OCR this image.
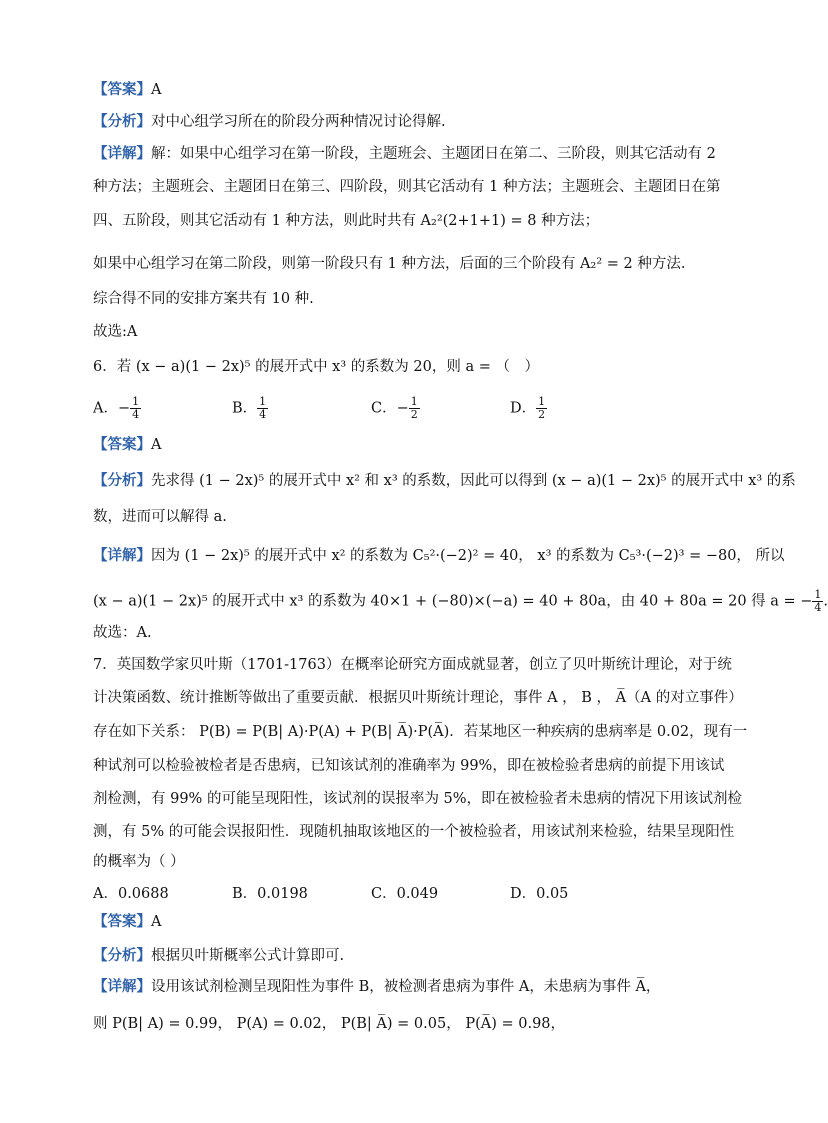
【答案】A
【分析】对中心组学习所在的阶段分两种情况讨论得解.
【详解】解：如果中心组学习在第一阶段，主题班会、主题团日在第二、三阶段，则其它活动有 2
种方法；主题班会、主题团日在第三、四阶段，则其它活动有 1 种方法；主题班会、主题团日在第
四、五阶段，则其它活动有 1 种方法，则此时共有 A₂²(2+1+1) = 8 种方法；
如果中心组学习在第二阶段，则第一阶段只有 1 种方法，后面的三个阶段有 A₂² = 2 种方法.
综合得不同的安排方案共有 10 种.
故选:A
6．若 (x − a)(1 − 2x)⁵ 的展开式中 x³ 的系数为 20，则 a = （　）
A．− $\frac{1}{4}$	B． $\frac{1}{4}$	C．− $\frac{1}{2}$	D． $\frac{1}{2}$
【答案】A
【分析】先求得 (1 − 2x)⁵ 的展开式中 x² 和 x³ 的系数，因此可以得到 (x − a)(1 − 2x)⁵ 的展开式中 x³ 的系
数，进而可以解得 a.
【详解】因为 (1 − 2x)⁵ 的展开式中 x² 的系数为 C₅²·(−2)² = 40， x³ 的系数为 C₅³·(−2)³ = −80， 所以
(x − a)(1 − 2x)⁵ 的展开式中 x³ 的系数为 40×1 + (−80)×(−a) = 40 + 80a，由 40 + 80a = 20 得 a = − $\frac{1}{4}$ .
故选：A.
7．英国数学家贝叶斯（1701-1763）在概率论研究方面成就显著，创立了贝叶斯统计理论，对于统
计决策函数、统计推断等做出了重要贡献．根据贝叶斯统计理论，事件 A ， B ， A̅（A 的对立事件）
存在如下关系： P(B) = P(B| A)·P(A) + P(B| A̅)·P(A̅)．若某地区一种疾病的患病率是 0.02，现有一
种试剂可以检验被检者是否患病，已知该试剂的准确率为 99%，即在被检验者患病的前提下用该试
剂检测，有 99% 的可能呈现阳性，该试剂的误报率为 5%，即在被检验者未患病的情况下用该试剂检
测，有 5% 的可能会误报阳性．现随机抽取该地区的一个被检验者，用该试剂来检验，结果呈现阳性
的概率为（ ）
A．0.0688	B．0.0198	C．0.049	D．0.05
【答案】A
【分析】根据贝叶斯概率公式计算即可.
【详解】设用该试剂检测呈现阳性为事件 B，被检测者患病为事件 A，未患病为事件 A̅，
则 P(B| A) = 0.99， P(A) = 0.02， P(B| A̅) = 0.05， P(A̅) = 0.98，
